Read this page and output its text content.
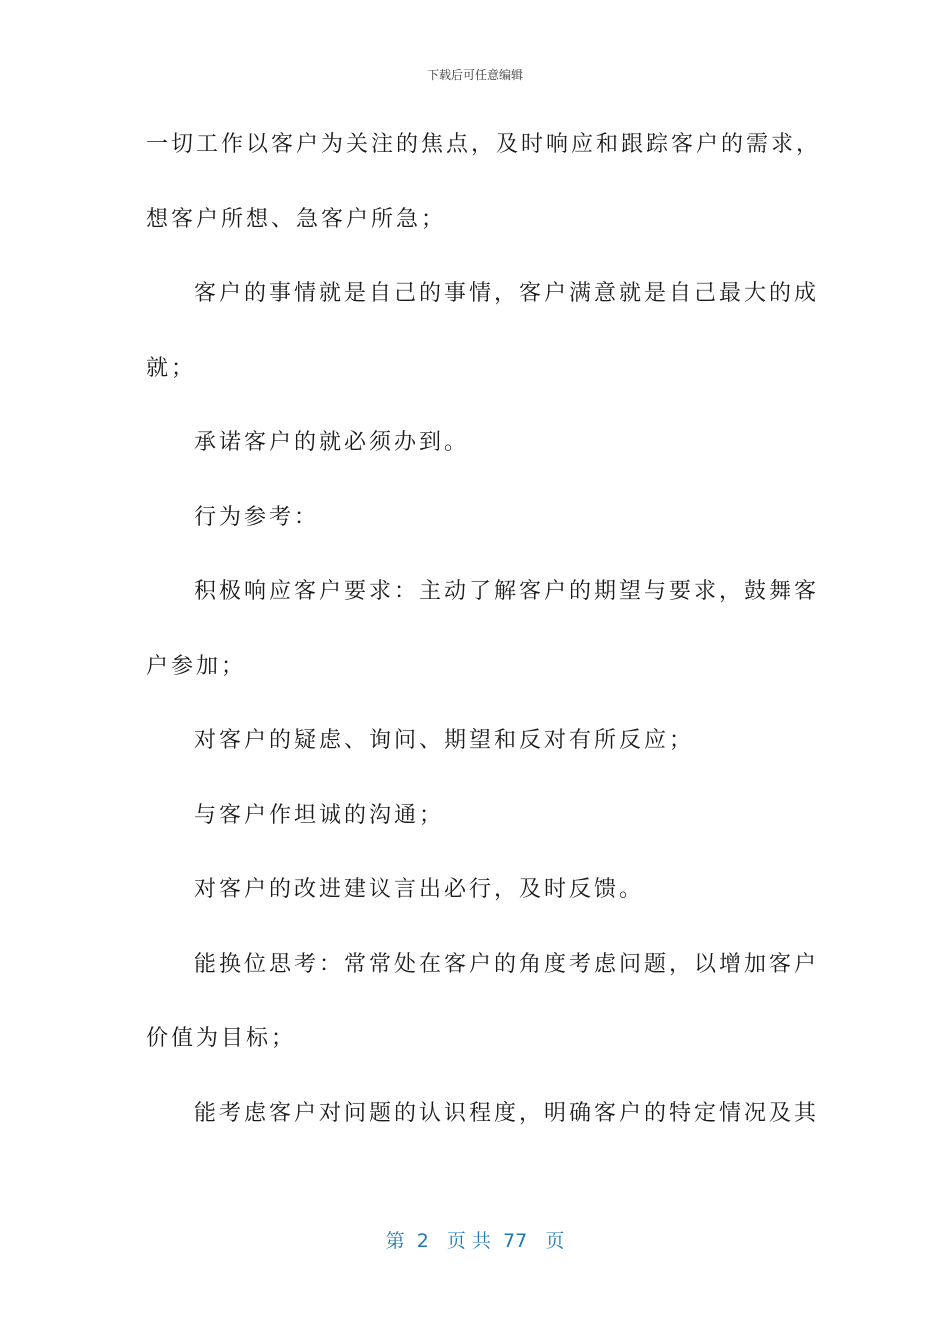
下载后可任意编辑
一切工作以客户为关注的焦点，及时响应和跟踪客户的需求，
想客户所想、急客户所急；
客户的事情就是自己的事情，客户满意就是自己最大的成
就；
承诺客户的就必须办到。
行为参考：
积极响应客户要求：主动了解客户的期望与要求，鼓舞客
户参加；
对客户的疑虑、询问、期望和反对有所反应；
与客户作坦诚的沟通；
对客户的改进建议言出必行，及时反馈。
能换位思考：常常处在客户的角度考虑问题，以增加客户
价值为目标；
能考虑客户对问题的认识程度，明确客户的特定情况及其
第  2   页 共  77   页
